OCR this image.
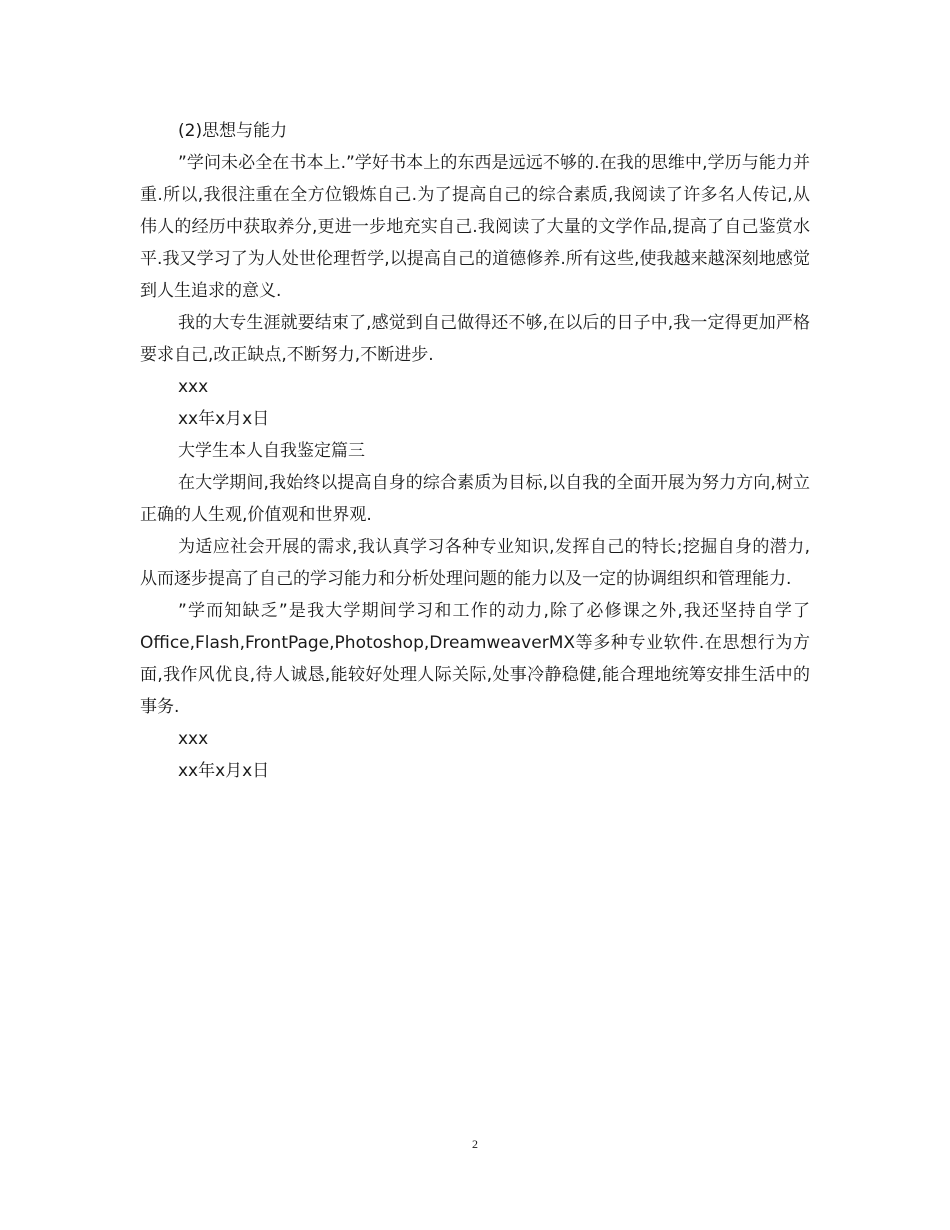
(2)思想与能力

”学问未必全在书本上.”学好书本上的东西是远远不够的.在我的思维中,学历与能力并重.所以,我很注重在全方位锻炼自己.为了提高自己的综合素质,我阅读了许多名人传记,从伟人的经历中获取养分,更进一步地充实自己.我阅读了大量的文学作品,提高了自己鉴赏水平.我又学习了为人处世伦理哲学,以提高自己的道德修养.所有这些,使我越来越深刻地感觉到人生追求的意义.

我的大专生涯就要结束了,感觉到自己做得还不够,在以后的日子中,我一定得更加严格要求自己,改正缺点,不断努力,不断进步.

xxx

xx年x月x日

大学生本人自我鉴定篇三

在大学期间,我始终以提高自身的综合素质为目标,以自我的全面开展为努力方向,树立正确的人生观,价值观和世界观.

为适应社会开展的需求,我认真学习各种专业知识,发挥自己的特长;挖掘自身的潜力,从而逐步提高了自己的学习能力和分析处理问题的能力以及一定的协调组织和管理能力.

”学而知缺乏”是我大学期间学习和工作的动力,除了必修课之外,我还坚持自学了Office,Flash,FrontPage,Photoshop,DreamweaverMX等多种专业软件.在思想行为方面,我作风优良,待人诚恳,能较好处理人际关际,处事冷静稳健,能合理地统筹安排生活中的事务.

xxx

xx年x月x日

2
